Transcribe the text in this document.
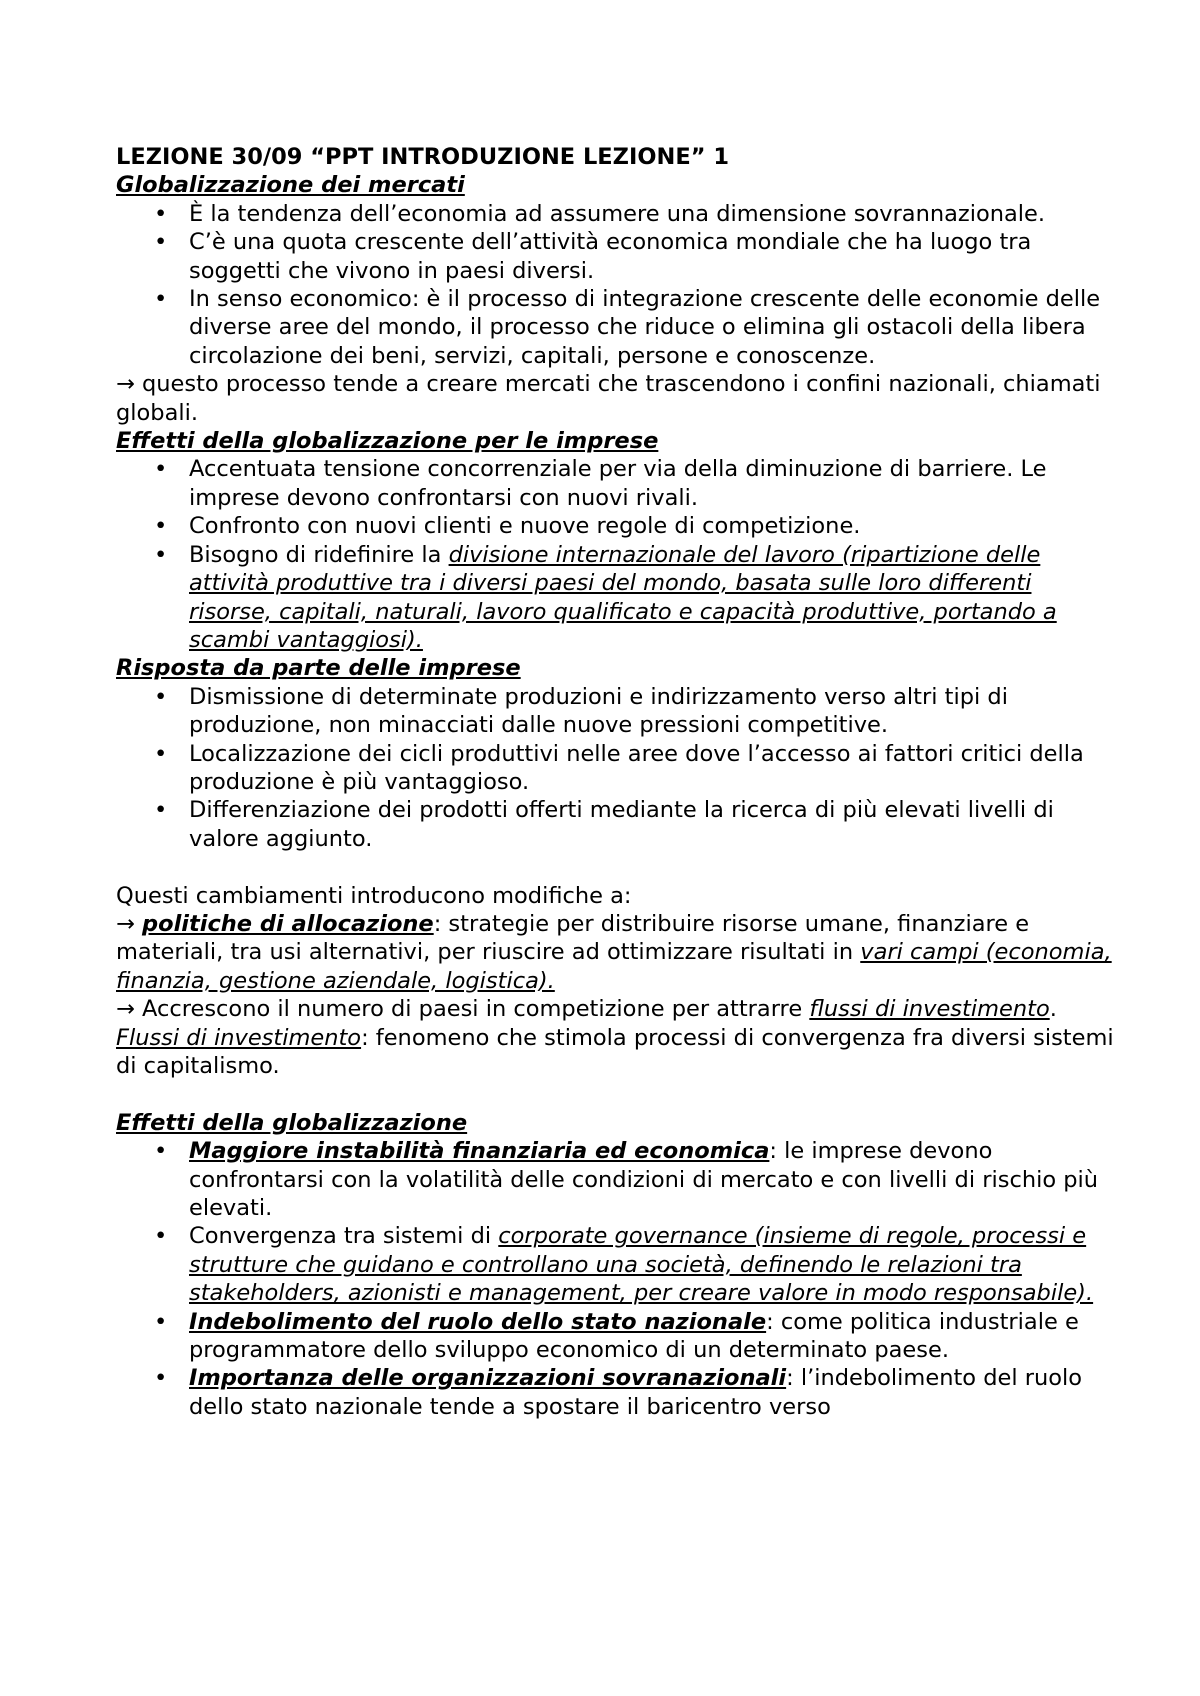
LEZIONE 30/09 “PPT INTRODUZIONE LEZIONE” 1

Globalizzazione dei mercati

• È la tendenza dell’economia ad assumere una dimensione sovrannazionale.
• C’è una quota crescente dell’attività economica mondiale che ha luogo tra soggetti che vivono in paesi diversi.
• In senso economico: è il processo di integrazione crescente delle economie delle diverse aree del mondo, il processo che riduce o elimina gli ostacoli della libera circolazione dei beni, servizi, capitali, persone e conoscenze.

→ questo processo tende a creare mercati che trascendono i confini nazionali, chiamati globali.

Effetti della globalizzazione per le imprese

• Accentuata tensione concorrenziale per via della diminuzione di barriere. Le imprese devono confrontarsi con nuovi rivali.
• Confronto con nuovi clienti e nuove regole di competizione.
• Bisogno di ridefinire la divisione internazionale del lavoro (ripartizione delle attività produttive tra i diversi paesi del mondo, basata sulle loro differenti risorse, capitali, naturali, lavoro qualificato e capacità produttive, portando a scambi vantaggiosi).

Risposta da parte delle imprese

• Dismissione di determinate produzioni e indirizzamento verso altri tipi di produzione, non minacciati dalle nuove pressioni competitive.
• Localizzazione dei cicli produttivi nelle aree dove l’accesso ai fattori critici della produzione è più vantaggioso.
• Differenziazione dei prodotti offerti mediante la ricerca di più elevati livelli di valore aggiunto.

Questi cambiamenti introducono modifiche a:

→ politiche di allocazione: strategie per distribuire risorse umane, finanziare e materiali, tra usi alternativi, per riuscire ad ottimizzare risultati in vari campi (economia, finanzia, gestione aziendale, logistica).

→ Accrescono il numero di paesi in competizione per attrarre flussi di investimento.

Flussi di investimento: fenomeno che stimola processi di convergenza fra diversi sistemi di capitalismo.

Effetti della globalizzazione

• Maggiore instabilità finanziaria ed economica: le imprese devono confrontarsi con la volatilità delle condizioni di mercato e con livelli di rischio più elevati.
• Convergenza tra sistemi di corporate governance (insieme di regole, processi e strutture che guidano e controllano una società, definendo le relazioni tra stakeholders, azionisti e management, per creare valore in modo responsabile).
• Indebolimento del ruolo dello stato nazionale: come politica industriale e programmatore dello sviluppo economico di un determinato paese.
• Importanza delle organizzazioni sovranazionali: l’indebolimento del ruolo dello stato nazionale tende a spostare il baricentro verso
